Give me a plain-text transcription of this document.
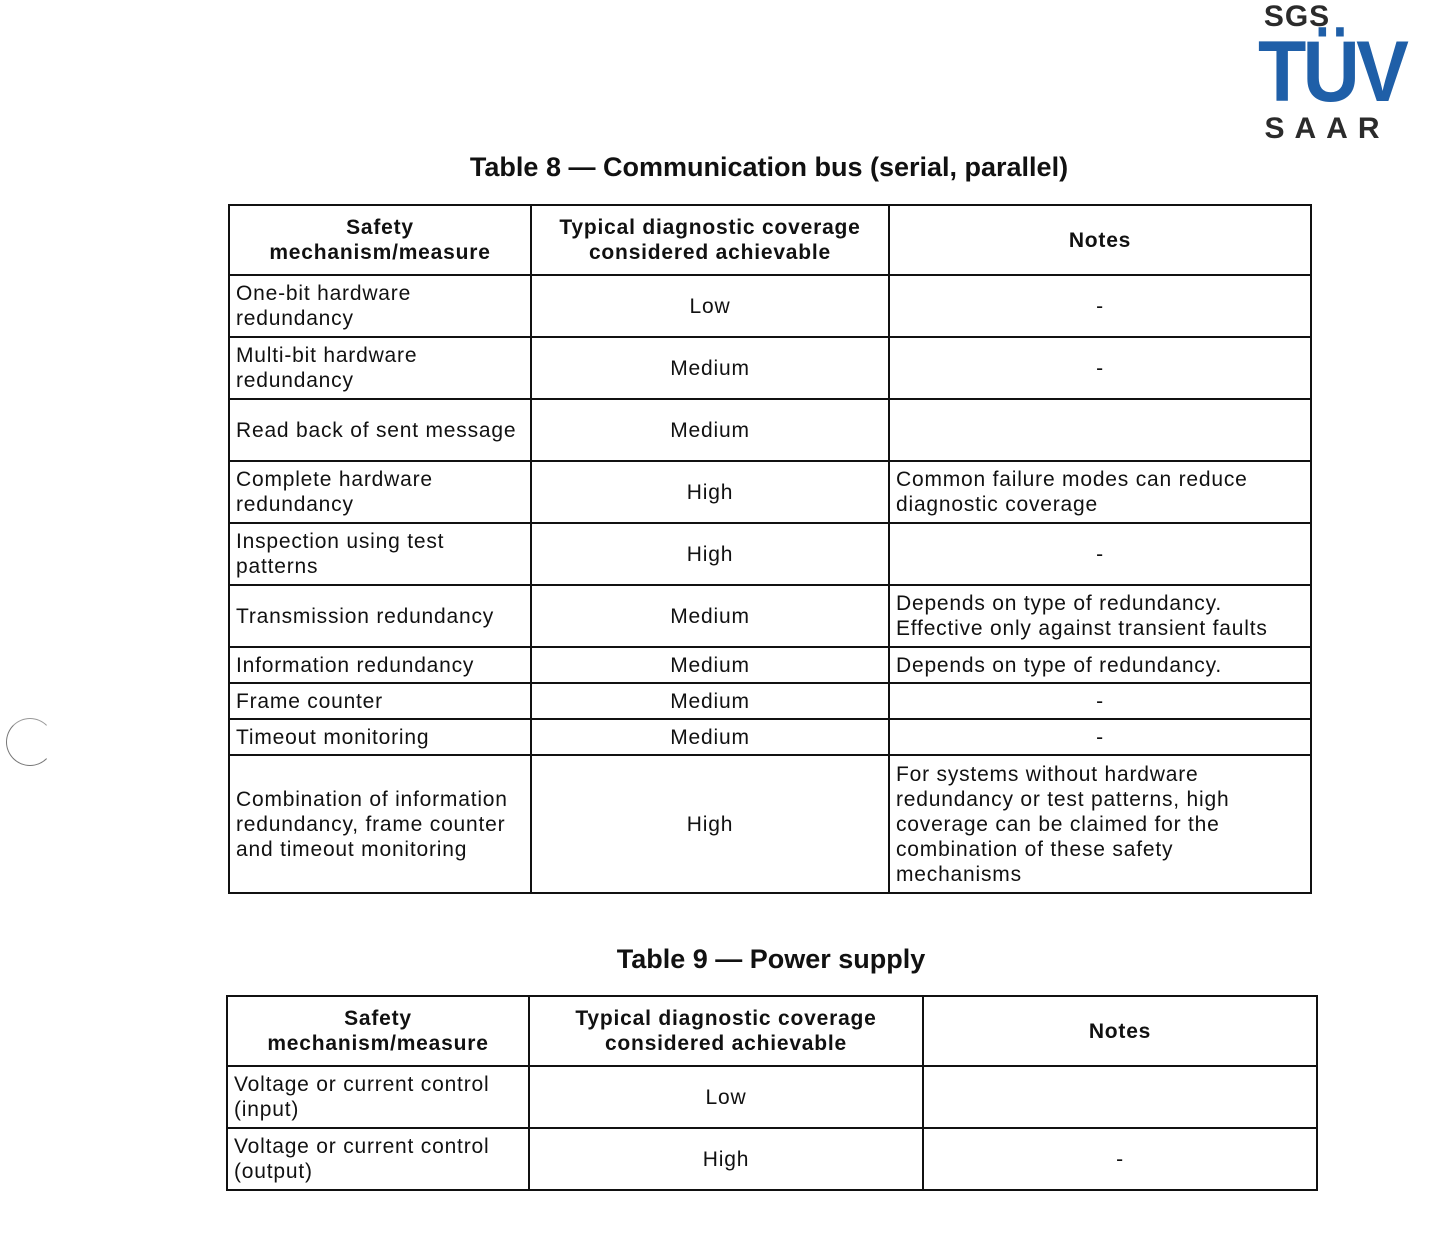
SGS
TÜV
SAAR
Table 8 — Communication bus (serial, parallel)
Safety mechanism/measure	Typical diagnostic coverage considered achievable	Notes
One-bit hardware redundancy	Low	-
Multi-bit hardware redundancy	Medium	-
Read back of sent message	Medium	
Complete hardware redundancy	High	Common failure modes can reduce diagnostic coverage
Inspection using test patterns	High	-
Transmission redundancy	Medium	Depends on type of redundancy. Effective only against transient faults
Information redundancy	Medium	Depends on type of redundancy.
Frame counter	Medium	-
Timeout monitoring	Medium	-
Combination of information redundancy, frame counter and timeout monitoring	High	For systems without hardware redundancy or test patterns, high coverage can be claimed for the combination of these safety mechanisms
Table 9 — Power supply
Safety mechanism/measure	Typical diagnostic coverage considered achievable	Notes
Voltage or current control (input)	Low	
Voltage or current control (output)	High	-
